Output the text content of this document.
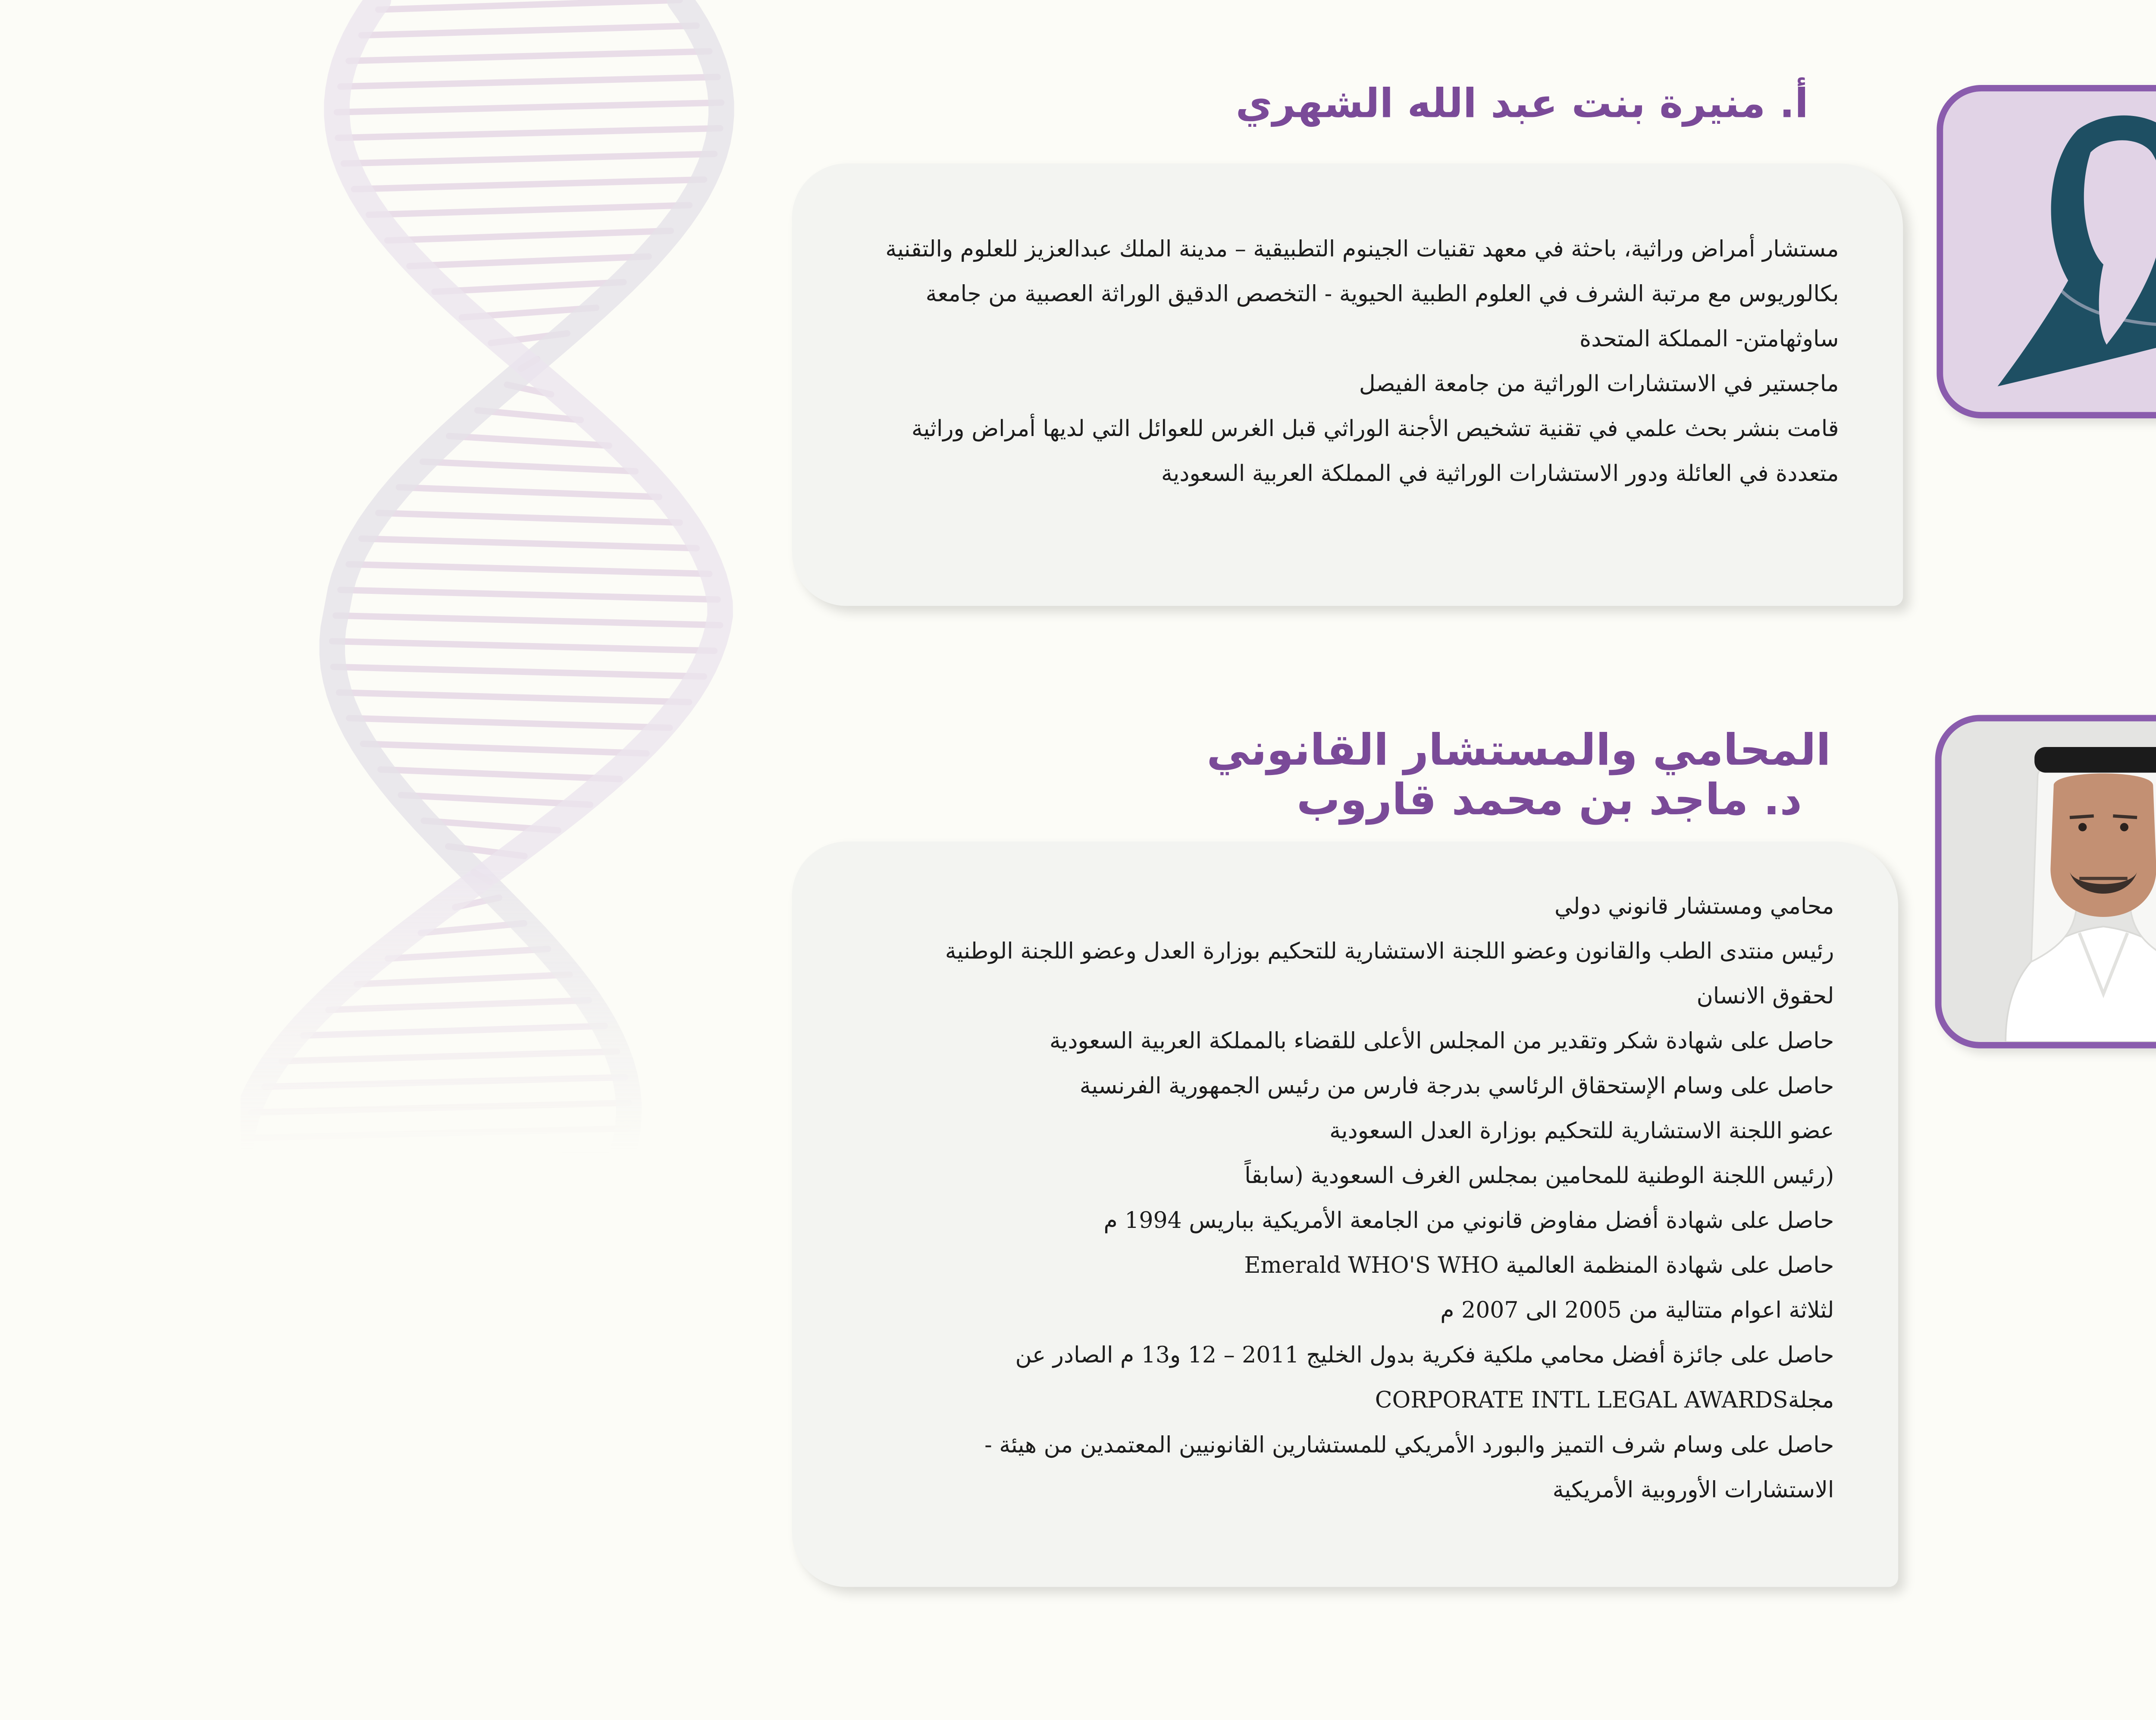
أ. منيرة بنت عبد الله الشهري
مستشار أمراض وراثية، باحثة في معهد تقنيات الجينوم التطبيقية – مدينة الملك عبدالعزيز للعلوم والتقنية
بكالوريوس مع مرتبة الشرف في العلوم الطبية الحيوية - التخصص الدقيق الوراثة العصبية من جامعة
ساوثهامتن- المملكة المتحدة
ماجستير في الاستشارات الوراثية من جامعة الفيصل
قامت بنشر بحث علمي في تقنية تشخيص الأجنة الوراثي قبل الغرس للعوائل التي لديها أمراض وراثية
متعددة في العائلة ودور الاستشارات الوراثية في المملكة العربية السعودية
المحامي والمستشار القانوني
د. ماجد بن محمد قاروب
محامي ومستشار قانوني دولي
رئيس منتدى الطب والقانون وعضو اللجنة الاستشارية للتحكيم بوزارة العدل وعضو اللجنة الوطنية
لحقوق الانسان
حاصل على شهادة شكر وتقدير من المجلس الأعلى للقضاء بالمملكة العربية السعودية
حاصل على وسام الإستحقاق الرئاسي بدرجة فارس من رئيس الجمهورية الفرنسية
عضو اللجنة الاستشارية للتحكيم بوزارة العدل السعودية
(رئيس اللجنة الوطنية للمحامين بمجلس الغرف السعودية (سابقاً
حاصل على شهادة أفضل مفاوض قانوني من الجامعة الأمريكية بباريس 1994 م
حاصل على شهادة المنظمة العالمية Emerald WHO'S WHO
لثلاثة اعوام متتالية من 2005 الى 2007 م
حاصل على جائزة أفضل محامي ملكية فكرية بدول الخليج 2011 – 12 و13 م الصادر عن
مجلةCORPORATE INTL LEGAL AWARDS
حاصل على وسام شرف التميز والبورد الأمريكي للمستشارين القانونيين المعتمدين من هيئة -
الاستشارات الأوروبية الأمريكية
